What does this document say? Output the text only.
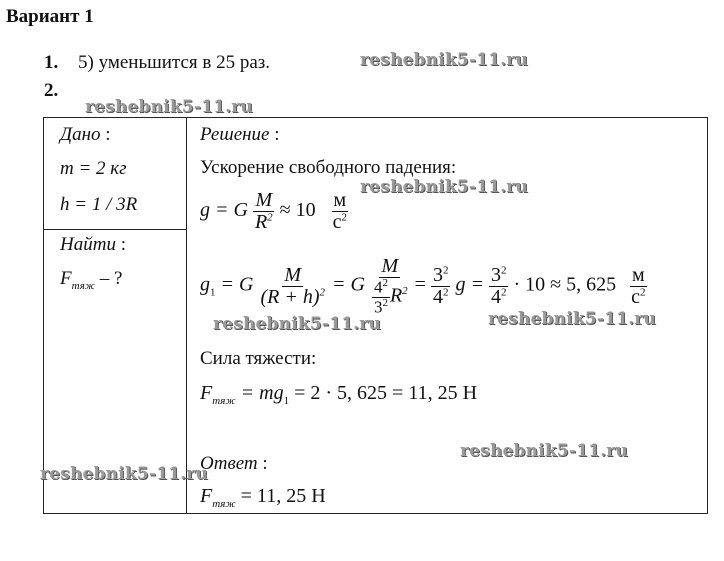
Вариант 1
1. 5) уменьшится в 25 раз.
2.
reshebnik5-11.ru
reshebnik5-11.ru
Дано :
m = 2 кг
h = 1 / 3R
Найти :
$F_{тяж}$ – ?
Решение :
Ускорение свободного падения:
reshebnik5-11.ru
g = G $\frac{M}{R^2} \approx 10 \frac{м}{с^2}$
$g_1 = G \frac{M}{(R + h)^2} = G \frac{M}{\frac{4^2}{3^2} R^2} = \frac{3^2}{4^2}$ $g = \frac{3^2}{4^2} \cdot 10 \approx 5$, $625 \frac{м}{с^2}$
reshebnik5-11.ru	reshebnik5-11.ru
Сила тяжести:
$F_{тяж} = mg_1 = 2 \cdot 5$, 625 = 11, 25 Н
reshebnik5-11.ru
Ответ :
reshebnik5-11.ru
$F_{тяж} = 11$, 25 Н
